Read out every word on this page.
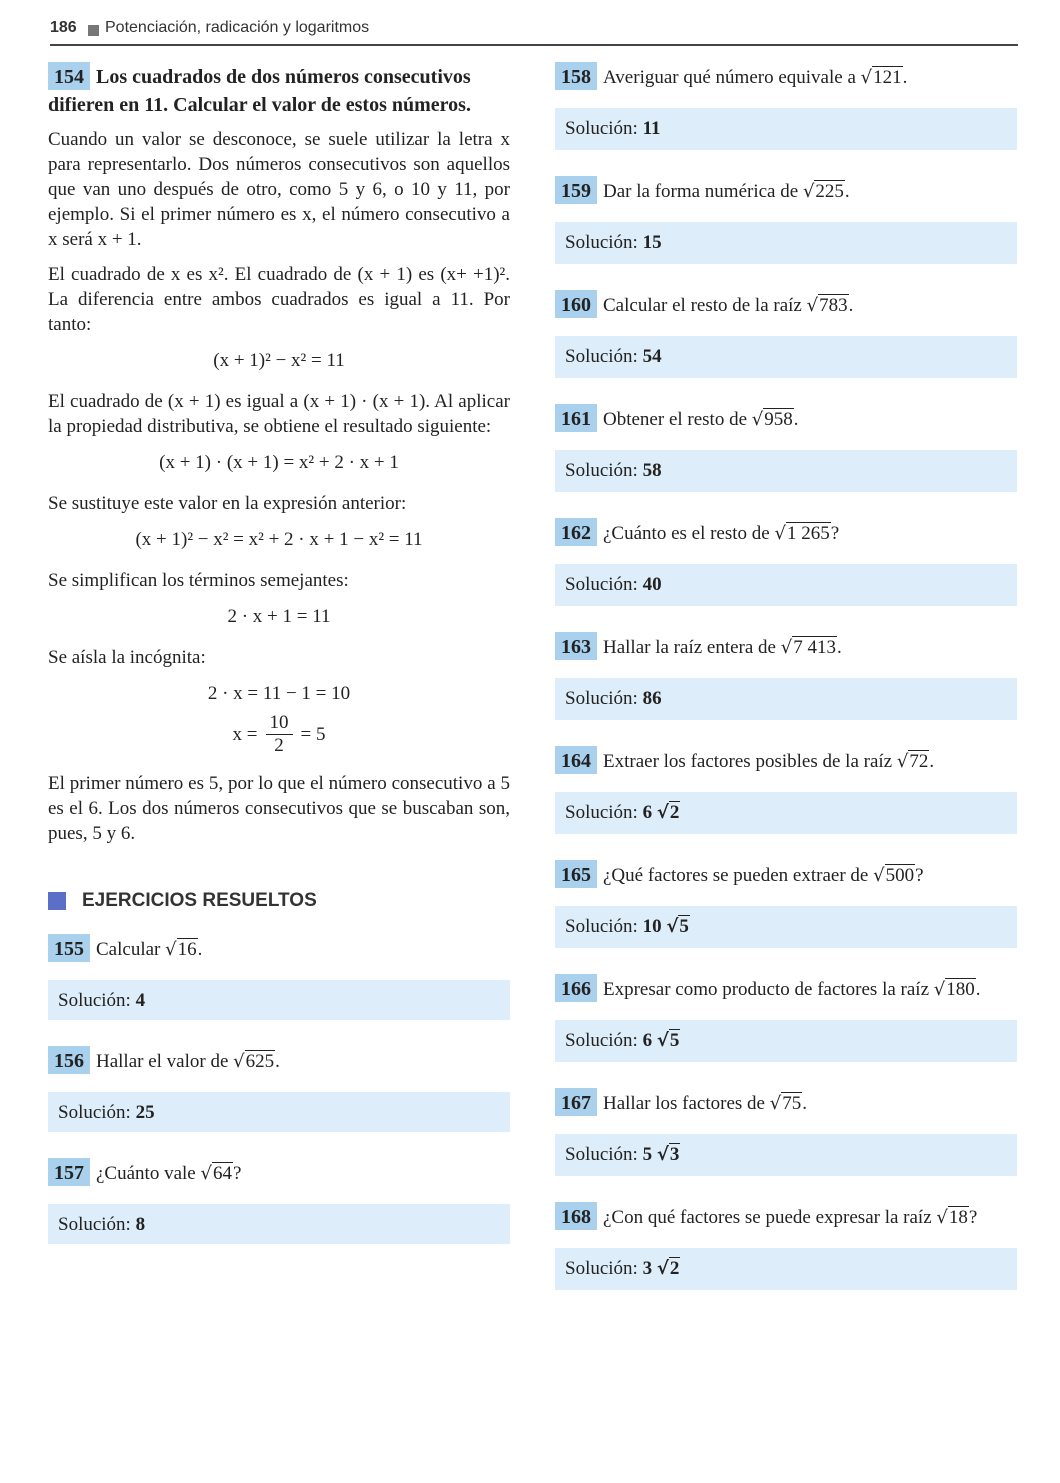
186 Potenciación, radicación y logaritmos
154 Los cuadrados de dos números consecutivos difieren en 11. Calcular el valor de estos números.

Cuando un valor se desconoce, se suele utilizar la letra x para representarlo. Dos números consecutivos son aquellos que van uno después de otro, como 5 y 6, o 10 y 11, por ejemplo. Si el primer número es x, el número consecutivo a x será x + 1.

El cuadrado de x es x². El cuadrado de (x + 1) es (x+ +1)². La diferencia entre ambos cuadrados es igual a 11. Por tanto:

(x + 1)² − x² = 11

El cuadrado de (x + 1) es igual a (x + 1) · (x + 1). Al aplicar la propiedad distributiva, se obtiene el resultado siguiente:

(x + 1) · (x + 1) = x² + 2 · x + 1

Se sustituye este valor en la expresión anterior:

(x + 1)² − x² = x² + 2 · x + 1 − x² = 11

Se simplifican los términos semejantes:

2 · x + 1 = 11

Se aísla la incógnita:

2 · x = 11 − 1 = 10
$x = \frac{10}{2} = 5$

El primer número es 5, por lo que el número consecutivo a 5 es el 6. Los dos números consecutivos que se buscaban son, pues, 5 y 6.

EJERCICIOS RESUELTOS
155 Calcular √16.
Solución: 4
156 Hallar el valor de √625.
Solución: 25
157 ¿Cuánto vale √64?
Solución: 8
158 Averiguar qué número equivale a √121.
Solución: 11
159 Dar la forma numérica de √225.
Solución: 15
160 Calcular el resto de la raíz √783.
Solución: 54
161 Obtener el resto de √958.
Solución: 58
162 ¿Cuánto es el resto de √1 265?
Solución: 40
163 Hallar la raíz entera de √7 413.
Solución: 86
164 Extraer los factores posibles de la raíz √72.
Solución: 6 √2
165 ¿Qué factores se pueden extraer de √500?
Solución: 10 √5
166 Expresar como producto de factores la raíz √180.
Solución: 6 √5
167 Hallar los factores de √75.
Solución: 5 √3
168 ¿Con qué factores se puede expresar la raíz √18?
Solución: 3 √2
